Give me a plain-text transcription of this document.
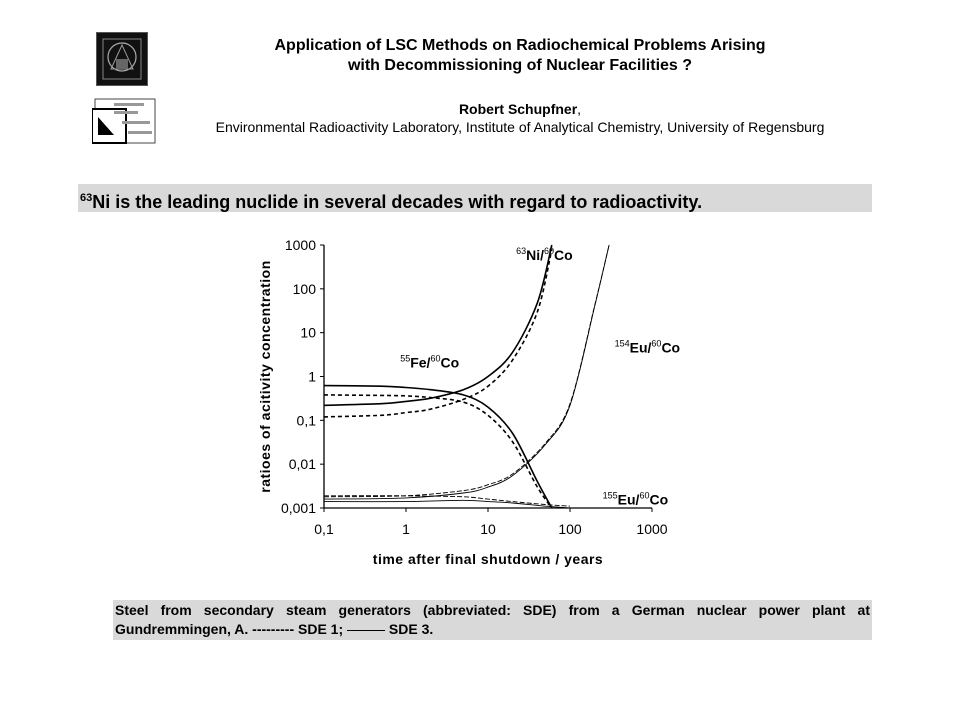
Application of LSC Methods on Radiochemical Problems Arising
with Decommissioning of Nuclear Facilities ?
Robert Schupfner,
Environmental Radioactivity Laboratory, Institute of Analytical Chemistry, University of Regensburg
$^{63}$Ni is the leading nuclide in several decades with regard to radioactivity.
0,1	1	10	100	1000
0,001
0,01
0,1
1
10
100
1000	$^{63}$Ni/$^{60}$Co
$^{55}$Fe/$^{60}$Co
$^{154}$Eu/$^{60}$Co
$^{155}$Eu/$^{60}$Co
time after final shutdown / years
ratioes of acitivity concentration
Steel from secondary steam generators (abbreviated: SDE) from a German nuclear power plant at Gundremmingen, A. --------- SDE 1;	SDE 3.
